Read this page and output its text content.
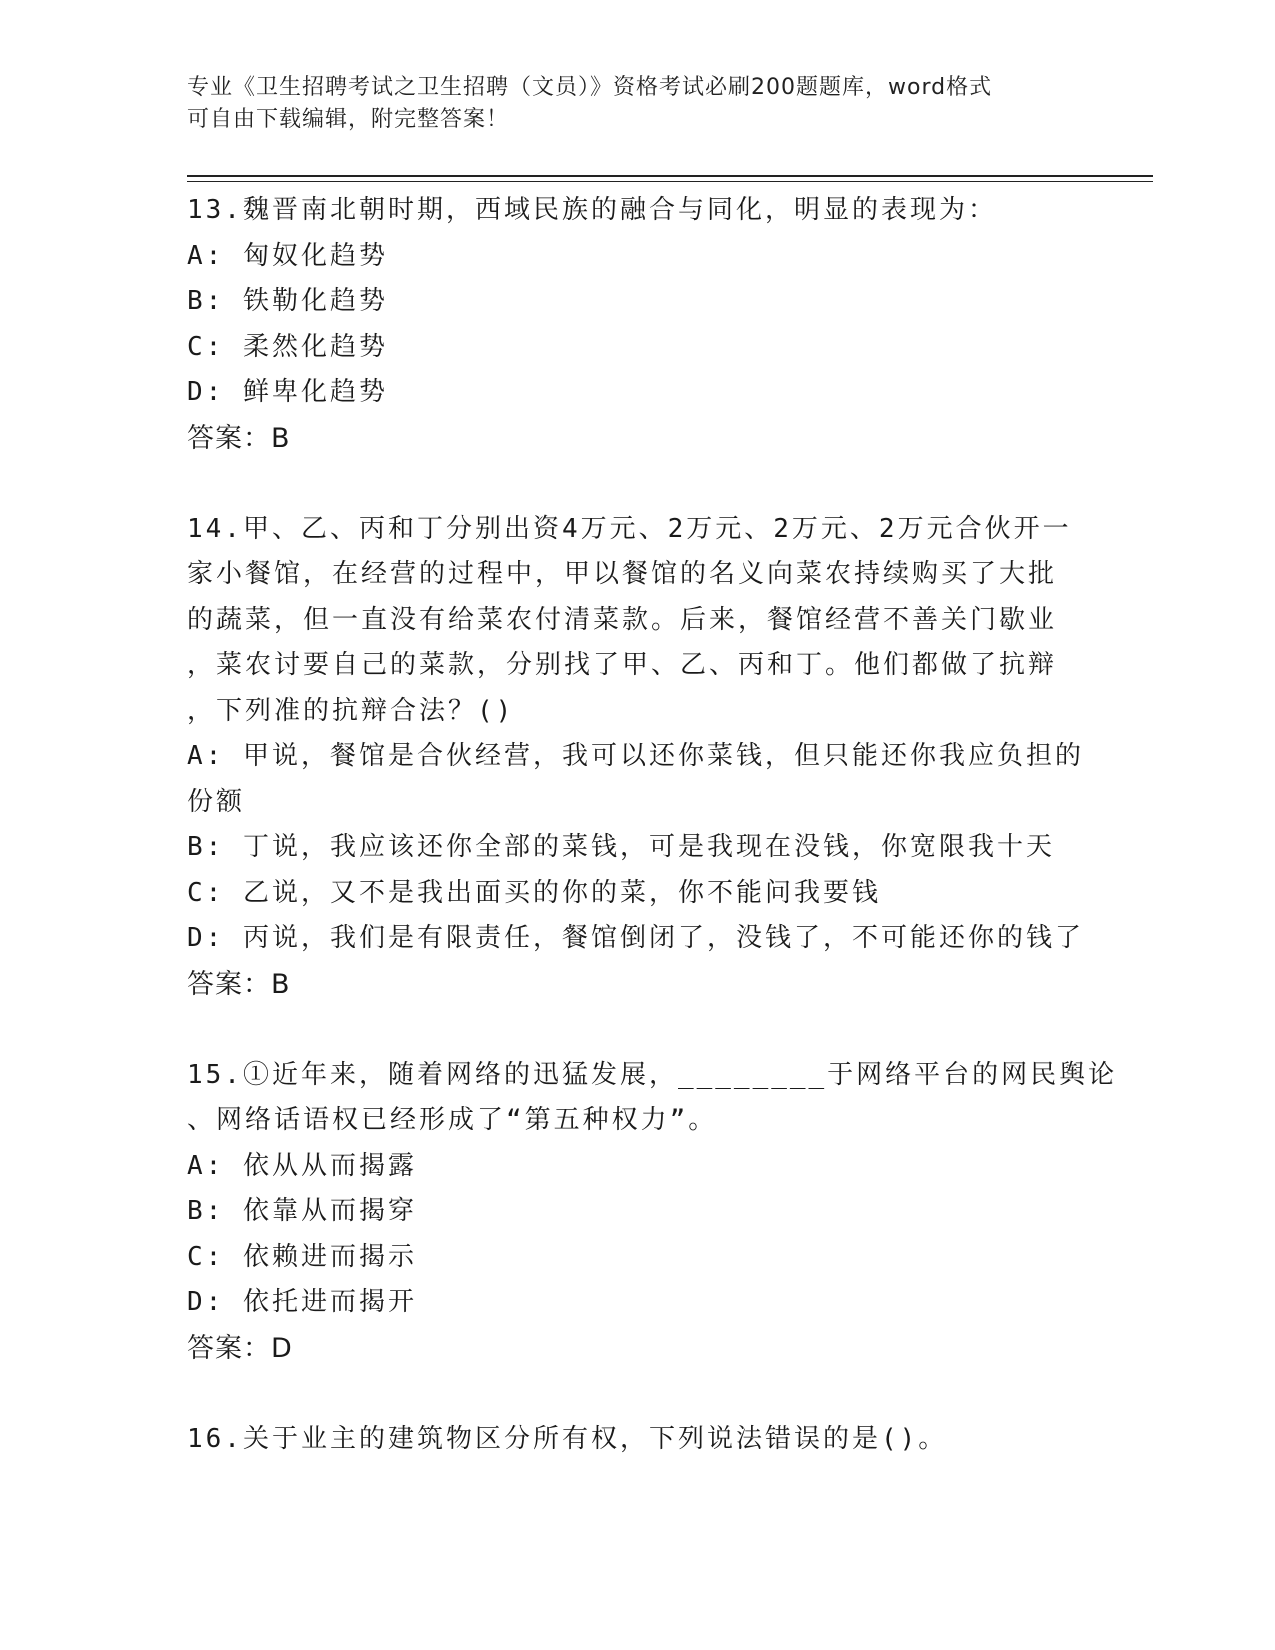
专业《卫生招聘考试之卫生招聘（文员）》资格考试必刷200题题库，word格式
可自由下载编辑，附完整答案！
13.魏晋南北朝时期，西域民族的融合与同化，明显的表现为：
A: 匈奴化趋势
B: 铁勒化趋势
C: 柔然化趋势
D: 鲜卑化趋势
答案：B
14.甲、乙、丙和丁分别出资4万元、2万元、2万元、2万元合伙开一
家小餐馆，在经营的过程中，甲以餐馆的名义向菜农持续购买了大批
的蔬菜，但一直没有给菜农付清菜款。后来，餐馆经营不善关门歇业
，菜农讨要自己的菜款，分别找了甲、乙、丙和丁。他们都做了抗辩
，下列准的抗辩合法？()
A: 甲说，餐馆是合伙经营，我可以还你菜钱，但只能还你我应负担的
份额
B: 丁说，我应该还你全部的菜钱，可是我现在没钱，你宽限我十天
C: 乙说，又不是我出面买的你的菜，你不能问我要钱
D: 丙说，我们是有限责任，餐馆倒闭了，没钱了，不可能还你的钱了
答案：B
15.①近年来，随着网络的迅猛发展，________于网络平台的网民舆论
、网络话语权已经形成了“第五种权力”。
A: 依从从而揭露
B: 依靠从而揭穿
C: 依赖进而揭示
D: 依托进而揭开
答案：D
16.关于业主的建筑物区分所有权，下列说法错误的是()。
